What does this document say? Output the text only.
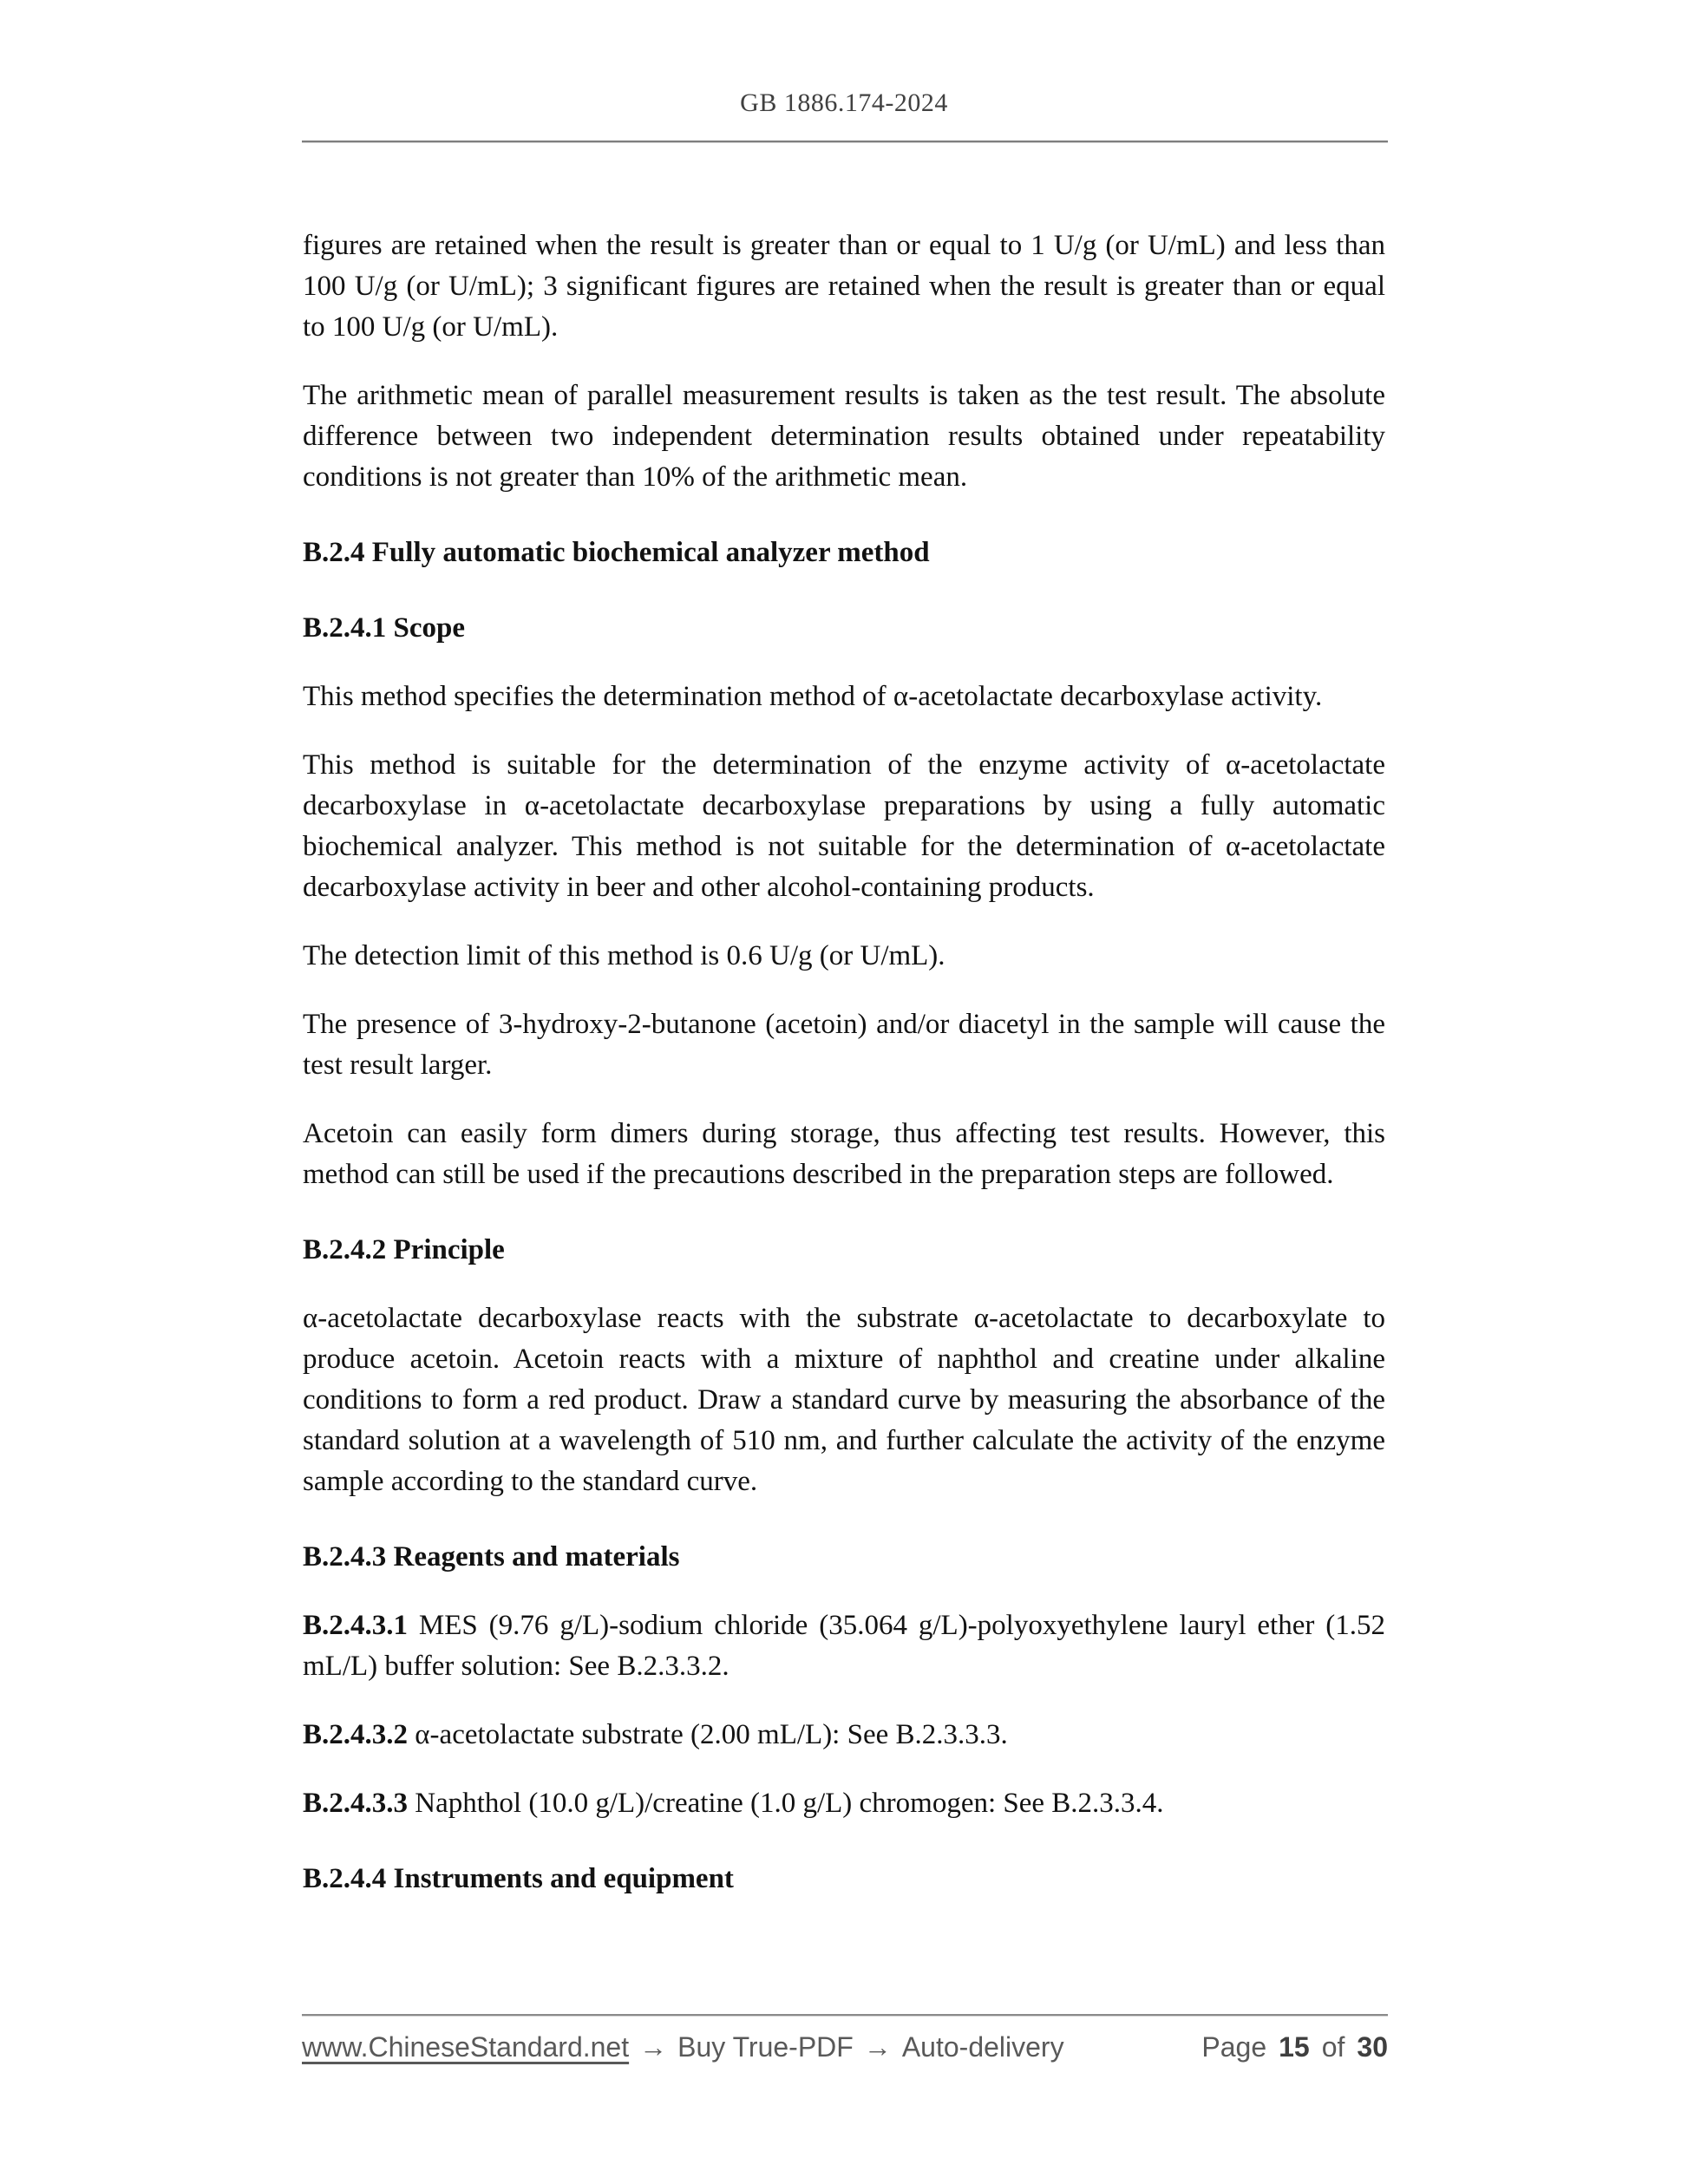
GB 1886.174-2024

figures are retained when the result is greater than or equal to 1 U/g (or U/mL) and less than 100 U/g (or U/mL); 3 significant figures are retained when the result is greater than or equal to 100 U/g (or U/mL).

The arithmetic mean of parallel measurement results is taken as the test result. The absolute difference between two independent determination results obtained under repeatability conditions is not greater than 10% of the arithmetic mean.

B.2.4 Fully automatic biochemical analyzer method
B.2.4.1 Scope

This method specifies the determination method of α-acetolactate decarboxylase activity.

This method is suitable for the determination of the enzyme activity of α-acetolactate decarboxylase in α-acetolactate decarboxylase preparations by using a fully automatic biochemical analyzer. This method is not suitable for the determination of α-acetolactate decarboxylase activity in beer and other alcohol-containing products.

The detection limit of this method is 0.6 U/g (or U/mL).

The presence of 3-hydroxy-2-butanone (acetoin) and/or diacetyl in the sample will cause the test result larger.

Acetoin can easily form dimers during storage, thus affecting test results. However, this method can still be used if the precautions described in the preparation steps are followed.

B.2.4.2 Principle

α-acetolactate decarboxylase reacts with the substrate α-acetolactate to decarboxylate to produce acetoin. Acetoin reacts with a mixture of naphthol and creatine under alkaline conditions to form a red product. Draw a standard curve by measuring the absorbance of the standard solution at a wavelength of 510 nm, and further calculate the activity of the enzyme sample according to the standard curve.

B.2.4.3 Reagents and materials

B.2.4.3.1 MES (9.76 g/L)-sodium chloride (35.064 g/L)-polyoxyethylene lauryl ether (1.52 mL/L) buffer solution: See B.2.3.3.2.

B.2.4.3.2 α-acetolactate substrate (2.00 mL/L): See B.2.3.3.3.

B.2.4.3.3 Naphthol (10.0 g/L)/creatine (1.0 g/L) chromogen: See B.2.3.3.4.

B.2.4.4 Instruments and equipment
www.ChineseStandard.net → Buy True-PDF → Auto-delivery	Page 15 of 30
